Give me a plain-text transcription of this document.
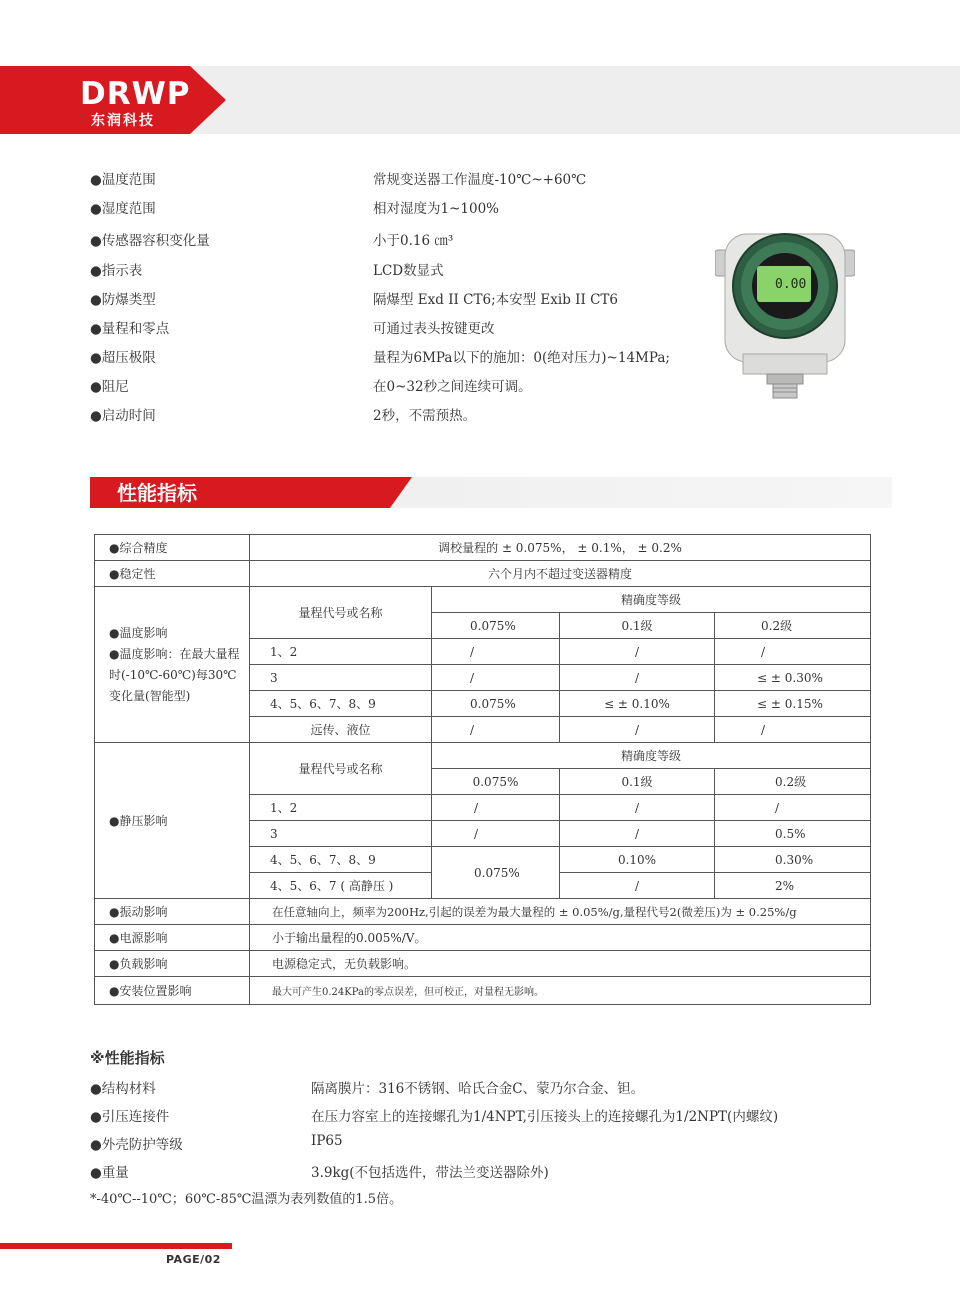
DRWP
东润科技
●温度范围	常规变送器工作温度-10℃~+60℃
●湿度范围	相对湿度为1~100%
●传感器容积变化量	小于0.16 ㎝³
●指示表	LCD数显式
●防爆类型	隔爆型 Exd II CT6;本安型 Exib II CT6
●量程和零点	可通过表头按键更改
●超压极限	量程为6MPa以下的施加：0(绝对压力)~14MPa;
●阻尼	在0~32秒之间连续可调。
●启动时间	2秒，不需预热。
0.00
性能指标
●综合精度	调校量程的 ± 0.075%， ± 0.1%， ± 0.2%			
●稳定性	六个月内不超过变送器精度			

●温度影响
●温度影响：在最大量程时(-10℃-60℃)每30℃变化量(智能型)	量程代号或名称	精确度等级		
		0.075%	0.1级	0.2级
	1、2	/	/	/
	3	/	/	≤ ± 0.30%
	4、5、6、7、8、9	0.075%	≤ ± 0.10%	≤ ± 0.15%
	远传、液位	/	/	/
●静压影响	量程代号或名称	精确度等级		
		0.075%	0.1级	0.2级
	1、2	/	/	/
	3	/	/	0.5%
	4、5、6、7、8、9	0.075%	0.10%	0.30%
	4、5、6、7 ( 高静压 )		/	2%
●振动影响	在任意轴向上，频率为200Hz,引起的误差为最大量程的 ± 0.05%/g,量程代号2(微差压)为 ± 0.25%/g			
●电源影响	小于输出量程的0.005%/V。			
●负载影响	电源稳定式，无负载影响。			
●安装位置影响	最大可产生0.24KPa的零点误差，但可校正，对量程无影响。			
※性能指标
●结构材料	隔离膜片：316不锈钢、哈氏合金C、蒙乃尔合金、钽。
●引压连接件	在压力容室上的连接螺孔为1/4NPT,引压接头上的连接螺孔为1/2NPT(内螺纹)
●外壳防护等级	IP65
●重量	3.9kg(不包括选件，带法兰变送器除外)
*-40℃--10℃；60℃-85℃温漂为表列数值的1.5倍。
PAGE/02
